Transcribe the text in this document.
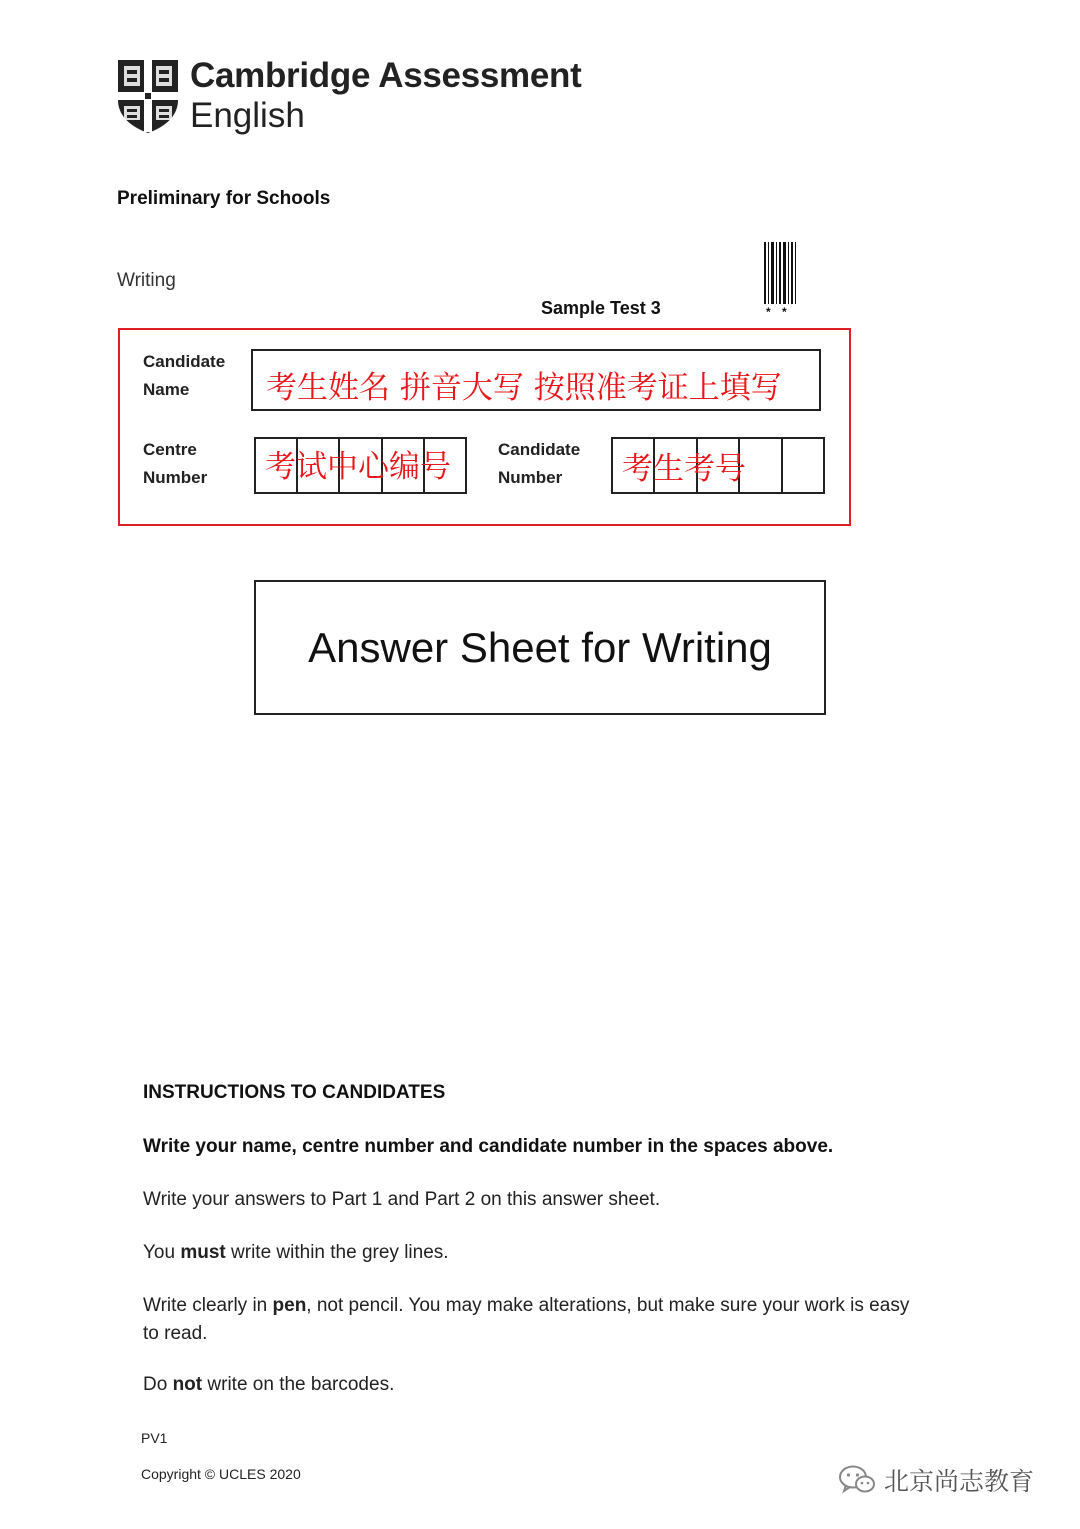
Cambridge Assessment
English
Preliminary for Schools
Writing
Sample Test 3	* *
Candidate Name	考生姓名 拼音大写 按照准考证上填写
Centre Number	考试中心编号	Candidate Number	考生考号
Answer Sheet for Writing
INSTRUCTIONS TO CANDIDATES
Write your name, centre number and candidate number in the spaces above.
Write your answers to Part 1 and Part 2 on this answer sheet.
You must write within the grey lines.
Write clearly in pen, not pencil. You may make alterations, but make sure your work is easy to read.
Do not write on the barcodes.
PV1
Copyright © UCLES 2020	北京尚志教育
